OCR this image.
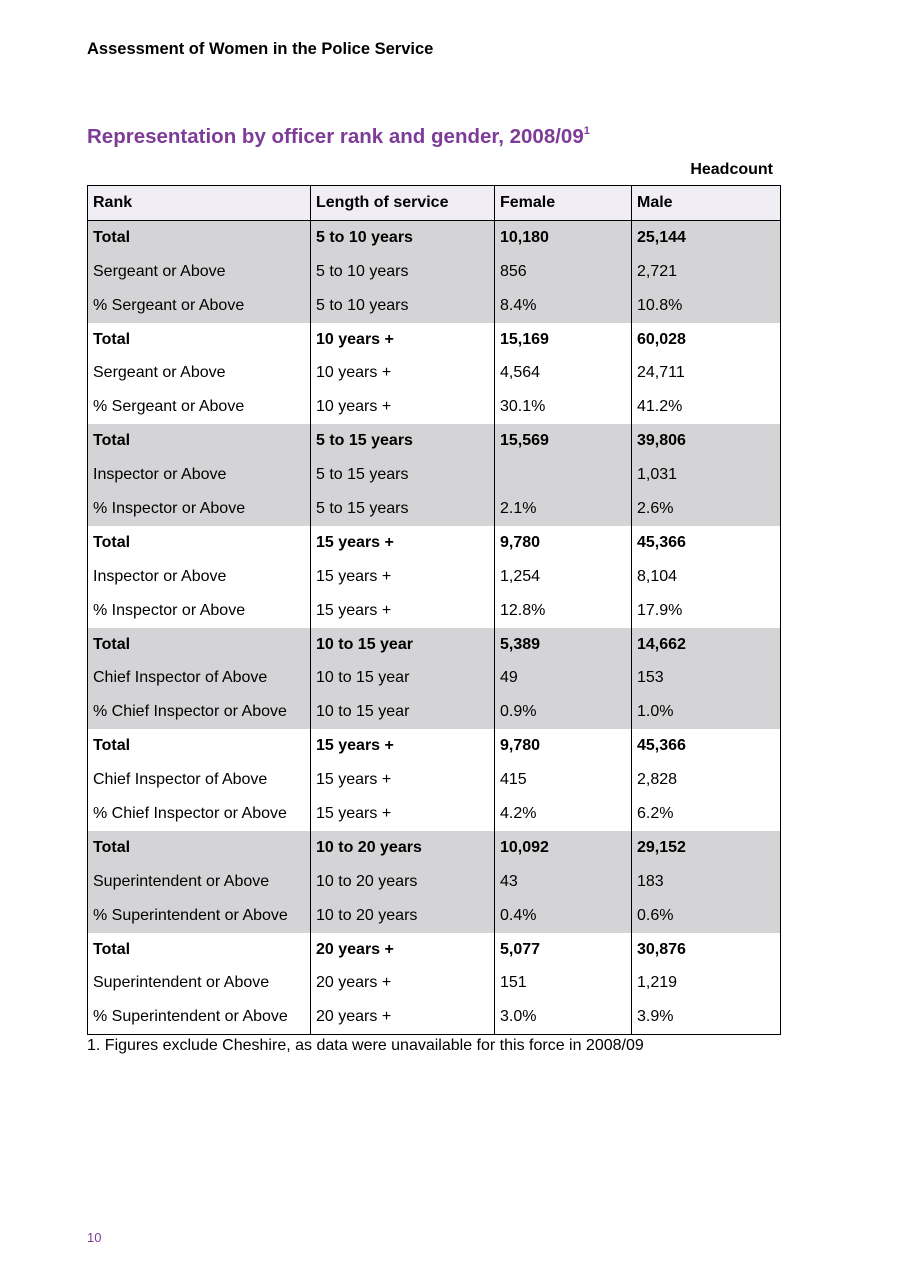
Assessment of Women in the Police Service
Representation by officer rank and gender, $2008/09^1$
Headcount
Rank	Length of service	Female	Male
Total	5 to 10 years	10,180	25,144
Sergeant or Above	5 to 10 years	856	2,721
% Sergeant or Above	5 to 10 years	8.4%	10.8%
Total	10 years +	15,169	60,028
Sergeant or Above	10 years +	4,564	24,711
% Sergeant or Above	10 years +	30.1%	41.2%
Total	5 to 15 years	15,569	39,806
Inspector or Above	5 to 15 years		1,031
% Inspector or Above	5 to 15 years	2.1%	2.6%
Total	15 years +	9,780	45,366
Inspector or Above	15 years +	1,254	8,104
% Inspector or Above	15 years +	12.8%	17.9%
Total	10 to 15 year	5,389	14,662
Chief Inspector of Above	10 to 15 year	49	153
% Chief Inspector or Above	10 to 15 year	0.9%	1.0%
Total	15 years +	9,780	45,366
Chief Inspector of Above	15 years +	415	2,828
% Chief Inspector or Above	15 years +	4.2%	6.2%
Total	10 to 20 years	10,092	29,152
Superintendent or Above	10 to 20 years	43	183
% Superintendent or Above	10 to 20 years	0.4%	0.6%
Total	20 years +	5,077	30,876
Superintendent or Above	20 years +	151	1,219
% Superintendent or Above	20 years +	3.0%	3.9%
1. Figures exclude Cheshire, as data were unavailable for this force in 2008/09
10
